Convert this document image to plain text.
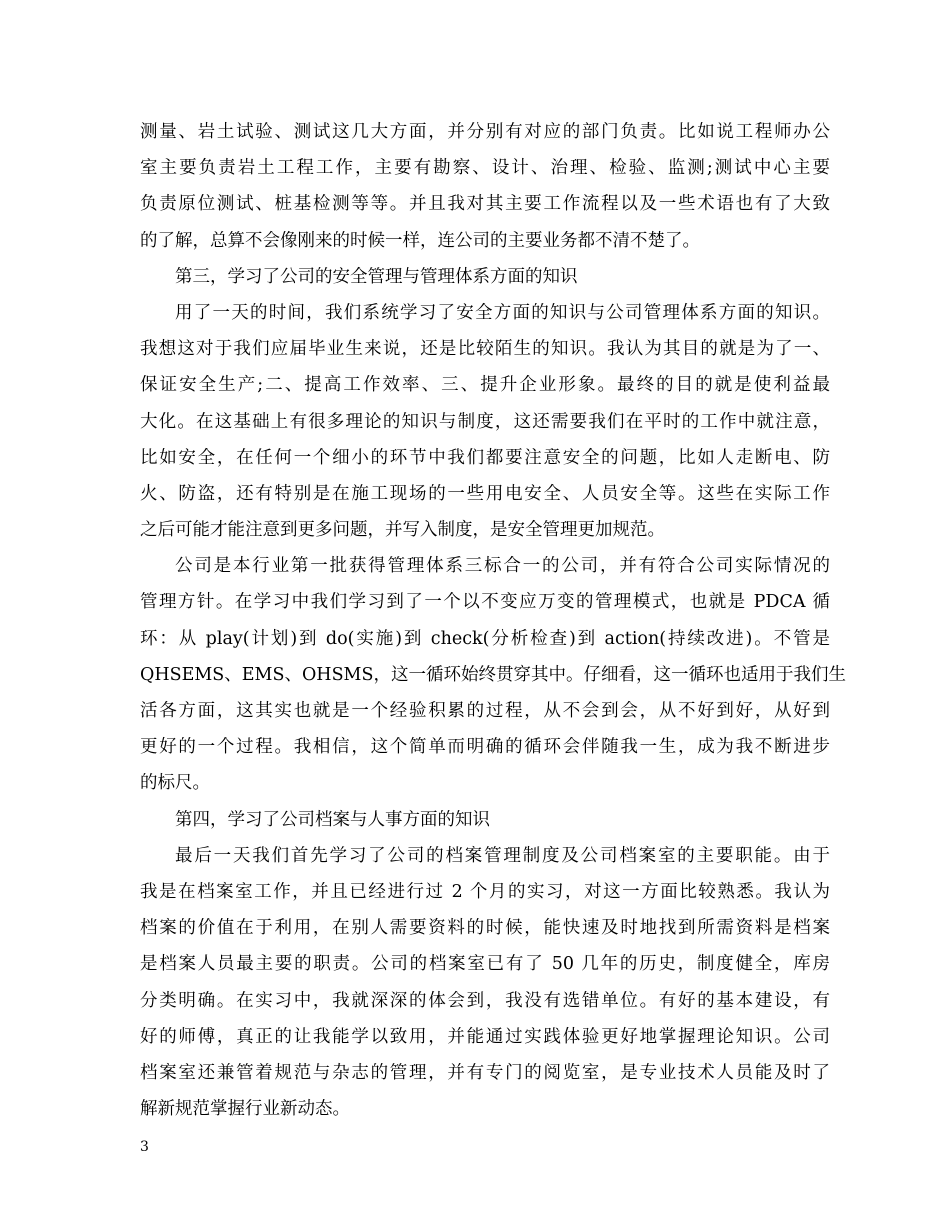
测量、岩土试验、测试这几大方面，并分别有对应的部门负责。比如说工程师办公
室主要负责岩土工程工作，主要有勘察、设计、治理、检验、监测;测试中心主要
负责原位测试、桩基检测等等。并且我对其主要工作流程以及一些术语也有了大致
的了解，总算不会像刚来的时候一样，连公司的主要业务都不清不楚了。
第三，学习了公司的安全管理与管理体系方面的知识
用了一天的时间，我们系统学习了安全方面的知识与公司管理体系方面的知识。
我想这对于我们应届毕业生来说，还是比较陌生的知识。我认为其目的就是为了一、
保证安全生产;二、提高工作效率、三、提升企业形象。最终的目的就是使利益最
大化。在这基础上有很多理论的知识与制度，这还需要我们在平时的工作中就注意，
比如安全，在任何一个细小的环节中我们都要注意安全的问题，比如人走断电、防
火、防盗，还有特别是在施工现场的一些用电安全、人员安全等。这些在实际工作
之后可能才能注意到更多问题，并写入制度，是安全管理更加规范。
公司是本行业第一批获得管理体系三标合一的公司，并有符合公司实际情况的
管理方针。在学习中我们学习到了一个以不变应万变的管理模式，也就是 PDCA 循
环：从 play(计划)到 do(实施)到 check(分析检查)到 action(持续改进)。不管是
QHSEMS、EMS、OHSMS，这一循环始终贯穿其中。仔细看，这一循环也适用于我们生
活各方面，这其实也就是一个经验积累的过程，从不会到会，从不好到好，从好到
更好的一个过程。我相信，这个简单而明确的循环会伴随我一生，成为我不断进步
的标尺。
第四，学习了公司档案与人事方面的知识
最后一天我们首先学习了公司的档案管理制度及公司档案室的主要职能。由于
我是在档案室工作，并且已经进行过 2 个月的实习，对这一方面比较熟悉。我认为
档案的价值在于利用，在别人需要资料的时候，能快速及时地找到所需资料是档案
是档案人员最主要的职责。公司的档案室已有了 50 几年的历史，制度健全，库房
分类明确。在实习中，我就深深的体会到，我没有选错单位。有好的基本建设，有
好的师傅，真正的让我能学以致用，并能通过实践体验更好地掌握理论知识。公司
档案室还兼管着规范与杂志的管理，并有专门的阅览室，是专业技术人员能及时了
解新规范掌握行业新动态。
3
